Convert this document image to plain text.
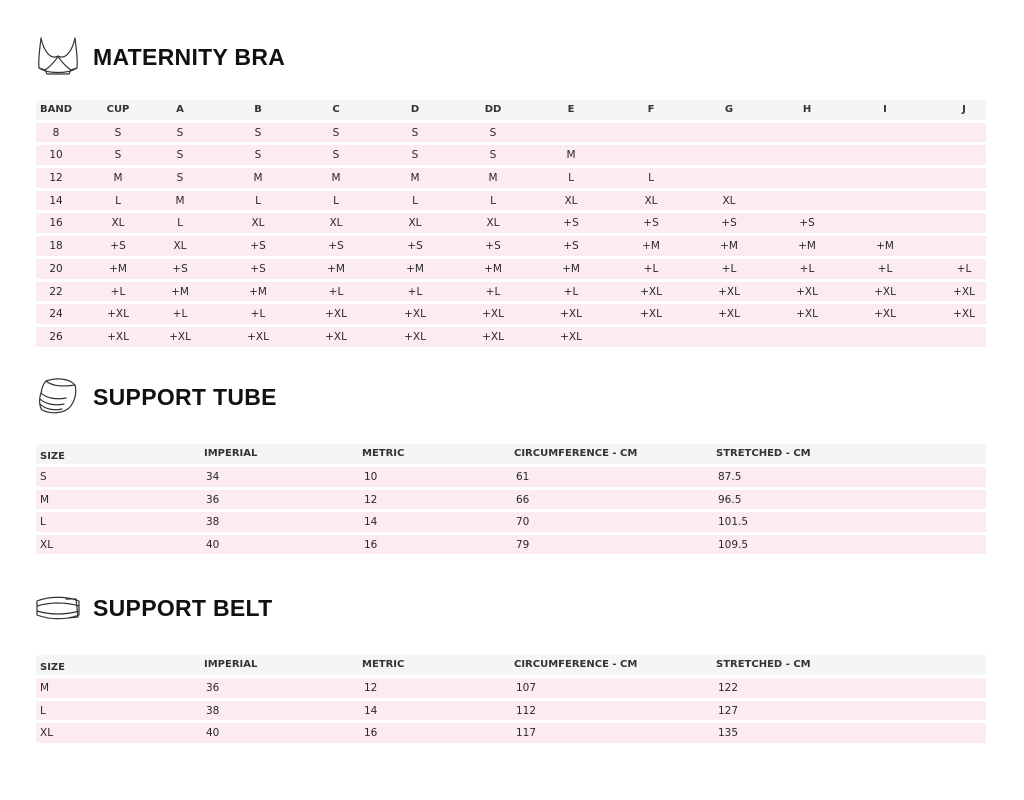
MATERNITY BRA
BAND	CUP	A	B	C	D	DD	E	F	G	H	I	J
8	S	S	S	S	S	S
10	S	S	S	S	S	S	M
12	M	S	M	M	M	M	L	L
14	L	M	L	L	L	L	XL	XL	XL
16	XL	L	XL	XL	XL	XL	+S	+S	+S	+S
18	+S	XL	+S	+S	+S	+S	+S	+M	+M	+M	+M
20	+M	+S	+S	+M	+M	+M	+M	+L	+L	+L	+L	+L
22	+L	+M	+M	+L	+L	+L	+L	+XL	+XL	+XL	+XL	+XL
24	+XL	+L	+L	+XL	+XL	+XL	+XL	+XL	+XL	+XL	+XL	+XL
26	+XL	+XL	+XL	+XL	+XL	+XL	+XL
SUPPORT TUBE
SIZE	IMPERIAL	METRIC	CIRCUMFERENCE - CM	STRETCHED - CM
S	34	10	61	87.5
M	36	12	66	96.5
L	38	14	70	101.5
XL	40	16	79	109.5
SUPPORT BELT
SIZE	IMPERIAL	METRIC	CIRCUMFERENCE - CM	STRETCHED - CM
M	36	12	107	122
L	38	14	112	127
XL	40	16	117	135
